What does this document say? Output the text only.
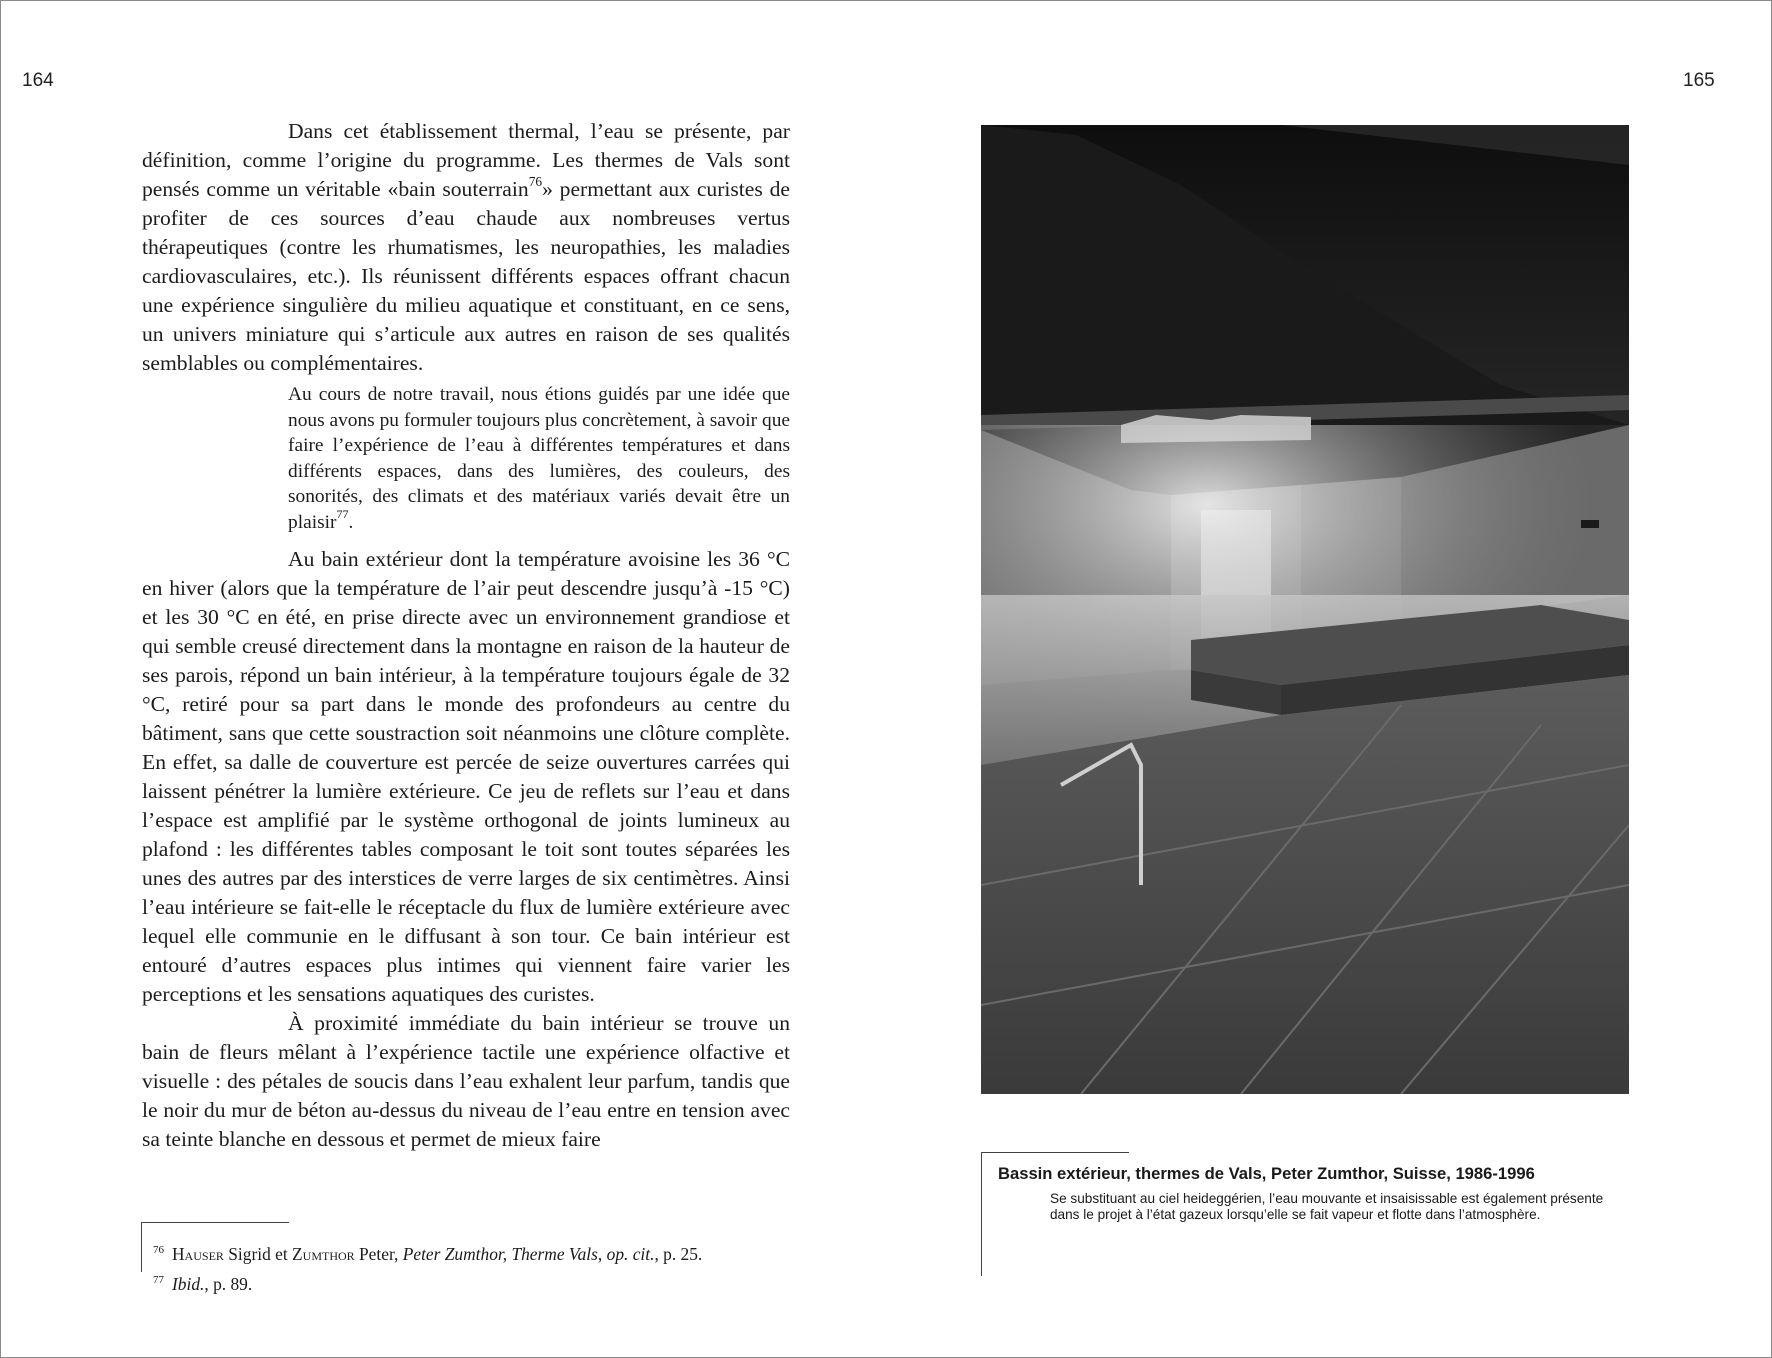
164	165

Dans cet établissement thermal, l’eau se présente, par définition, comme l’origine du programme. Les thermes de Vals sont pensés comme un véritable «bain souterrain$^{76}$» permettant aux curistes de profiter de ces sources d’eau chaude aux nombreuses vertus thérapeutiques (contre les rhumatismes, les neuropathies, les maladies cardiovasculaires, etc.). Ils réunissent différents espaces offrant chacun une expérience singulière du milieu aquatique et constituant, en ce sens, un univers miniature qui s’articule aux autres en raison de ses qualités semblables ou complémentaires.

Au cours de notre travail, nous étions guidés par une idée que nous avons pu formuler toujours plus concrètement, à savoir que faire l’expérience de l’eau à différentes températures et dans différents espaces, dans des lumières, des couleurs, des sonorités, des climats et des matériaux variés devait être un plaisir$^{77}$.

Au bain extérieur dont la température avoisine les 36 °C en hiver (alors que la température de l’air peut descendre jusqu’à -15 °C) et les 30 °C en été, en prise directe avec un environnement grandiose et qui semble creusé directement dans la montagne en raison de la hauteur de ses parois, répond un bain intérieur, à la température toujours égale de 32 °C, retiré pour sa part dans le monde des profondeurs au centre du bâtiment, sans que cette soustraction soit néanmoins une clôture complète. En effet, sa dalle de couverture est percée de seize ouvertures carrées qui laissent pénétrer la lumière extérieure. Ce jeu de reflets sur l’eau et dans l’espace est amplifié par le système orthogonal de joints lumineux au plafond : les différentes tables composant le toit sont toutes séparées les unes des autres par des interstices de verre larges de six centimètres. Ainsi l’eau intérieure se fait-elle le réceptacle du flux de lumière extérieure avec lequel elle communie en le diffusant à son tour. Ce bain intérieur est entouré d’autres espaces plus intimes qui viennent faire varier les perceptions et les sensations aquatiques des curistes.

À proximité immédiate du bain intérieur se trouve un bain de fleurs mêlant à l’expérience tactile une expérience olfactive et visuelle : des pétales de soucis dans l’eau exhalent leur parfum, tandis que le noir du mur de béton au-dessus du niveau de l’eau entre en tension avec sa teinte blanche en dessous et permet de mieux faire

$^{76}$ Hauser Sigrid et Zumthor Peter, Peter Zumthor, Therme Vals, op. cit., p. 25.
$^{77}$ Ibid., p. 89.
Bassin extérieur, thermes de Vals, Peter Zumthor, Suisse, 1986-1996
Se substituant au ciel heideggérien, l’eau mouvante et insaisissable est également présente dans le projet à l’état gazeux lorsqu’elle se fait vapeur et flotte dans l’atmosphère.
